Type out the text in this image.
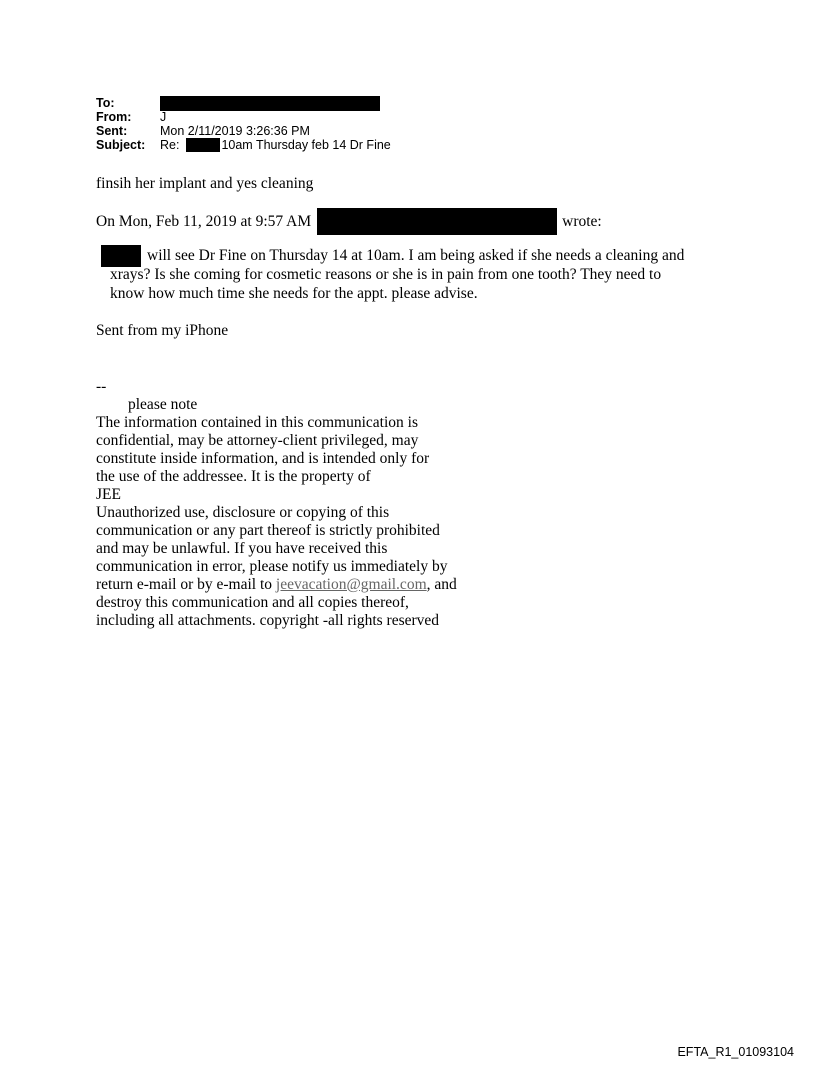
To:
From:	J
Sent:	Mon 2/11/2019 3:26:36 PM
Subject:	Re:	10am Thursday feb 14 Dr Fine
finsih her implant and yes cleaning
On Mon, Feb 11, 2019 at 9:57 AM	wrote:
will see Dr Fine on Thursday 14 at 10am. I am being asked if she needs a cleaning and
xrays? Is she coming for cosmetic reasons or she is in pain from one tooth? They need to
know how much time she needs for the appt. please advise.
Sent from my iPhone
--
please note
The information contained in this communication is
confidential, may be attorney-client privileged, may
constitute inside information, and is intended only for
the use of the addressee. It is the property of
JEE
Unauthorized use, disclosure or copying of this
communication or any part thereof is strictly prohibited
and may be unlawful. If you have received this
communication in error, please notify us immediately by
return e-mail or by e-mail to jeevacation@gmail.com, and
destroy this communication and all copies thereof,
including all attachments. copyright -all rights reserved
EFTA_R1_01093104
